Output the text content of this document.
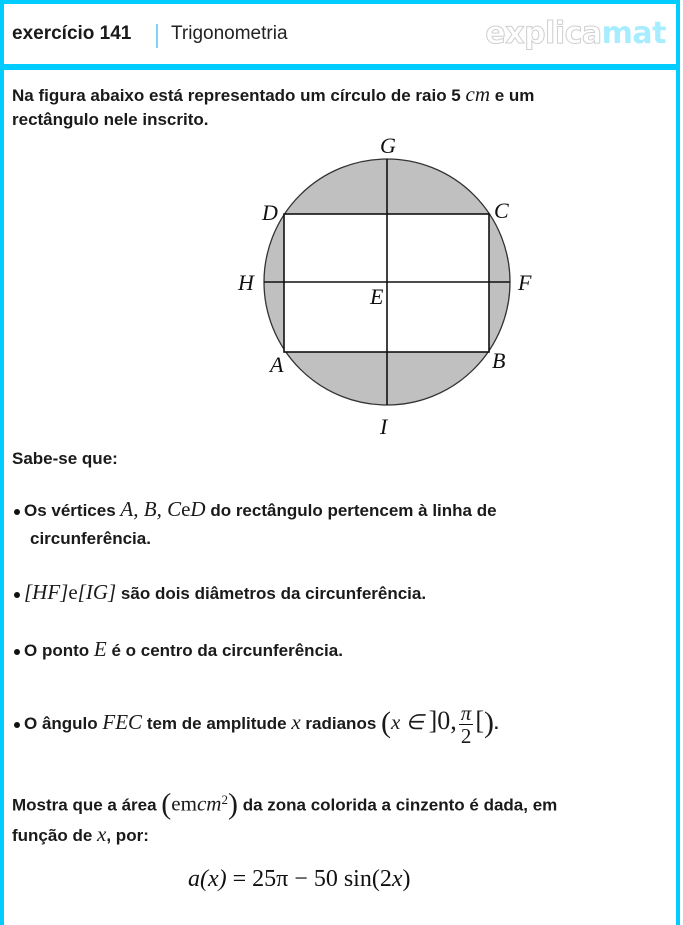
exercício 141 Trigonometria	explicamat
Na figura abaixo está representado um círculo de raio 5 cm e um
rectângulo nele inscrito.
G
D	C
H	F
E
A	B
I
Sabe-se que:
Os vértices A, B, CeD do rectângulo pertencem à linha de
circunferência.
[HF]e[IG] são dois diâmetros da circunferência.
O ponto E é o centro da circunferência.
O ângulo FEC tem de amplitude x radianos (x ∈ ]0, $\frac{\pi}{2}$ [).
Mostra que a área (emcm$^2$) da zona colorida a cinzento é dada, em
função de x, por:
a(x) = 25π − 50 sin(2x)
